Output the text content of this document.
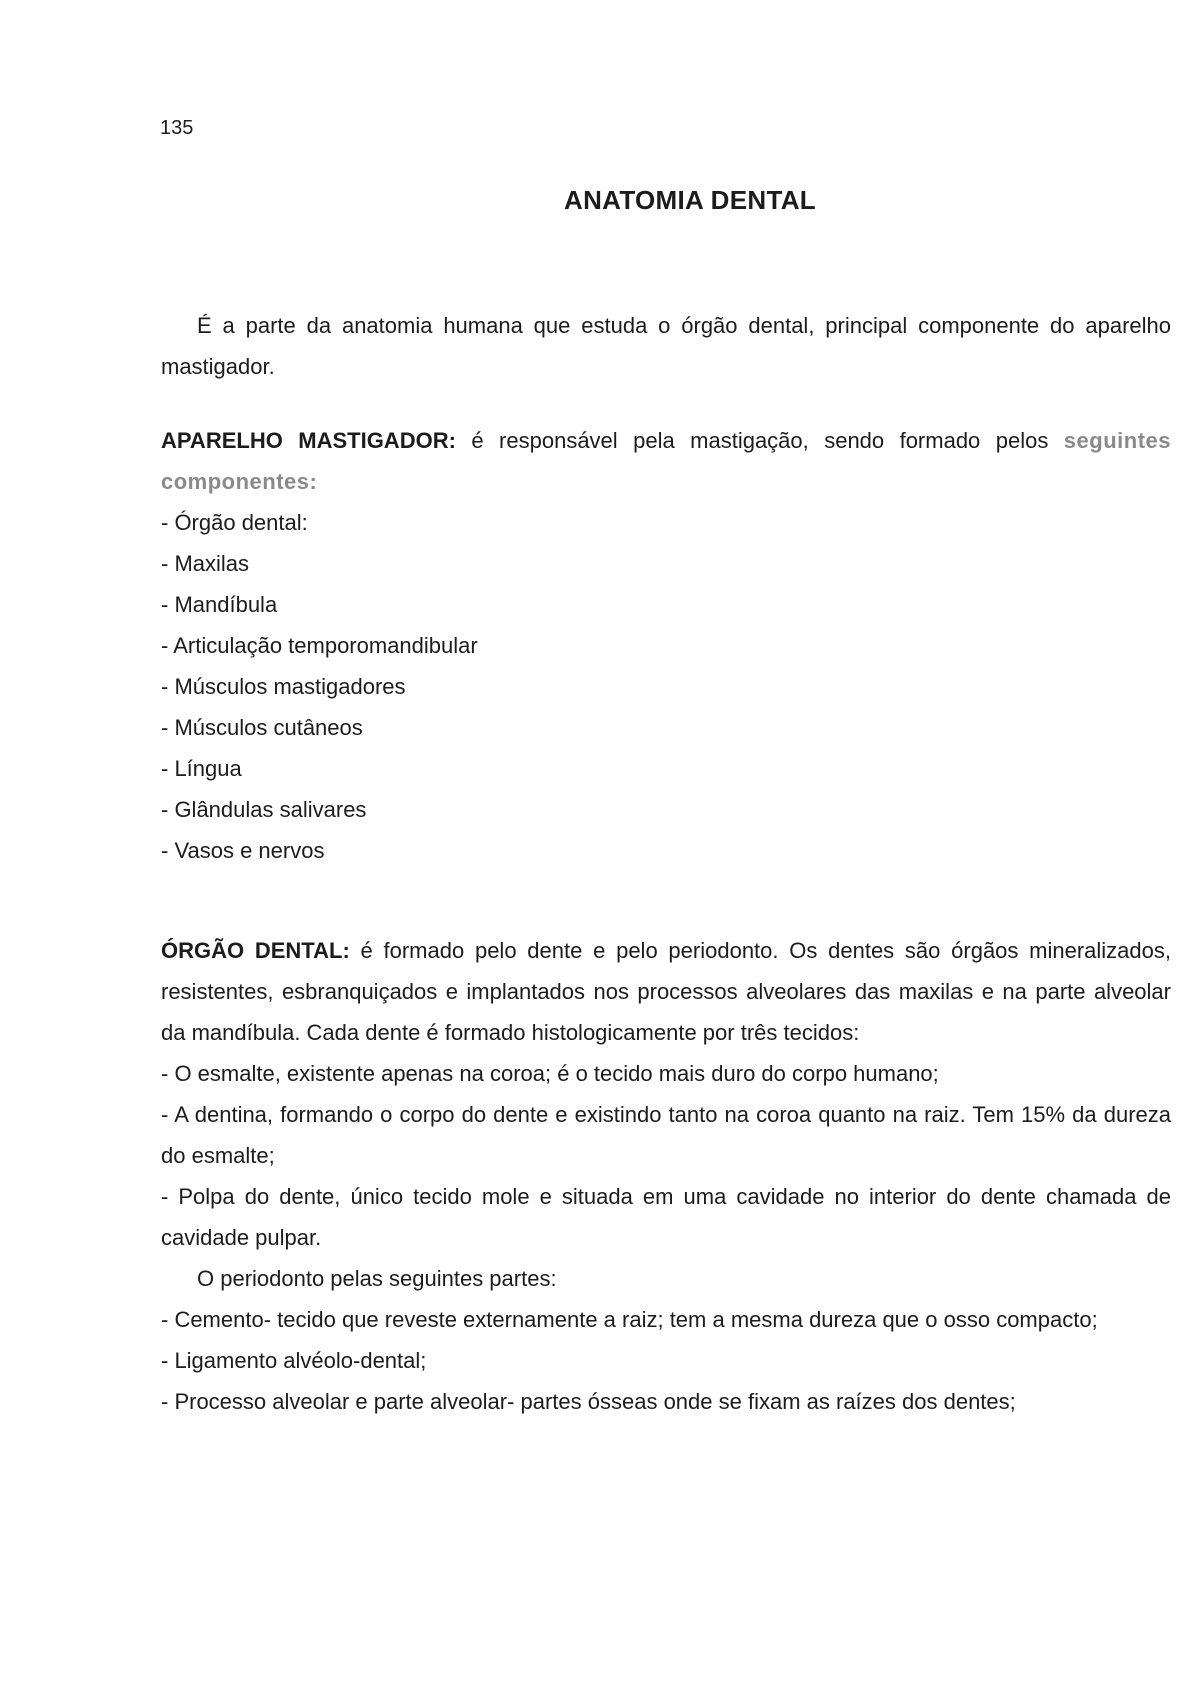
135
ANATOMIA DENTAL
É a parte da anatomia humana que estuda o órgão dental, principal componente do aparelho mastigador.
APARELHO MASTIGADOR: é responsável pela mastigação, sendo formado pelos seguintes componentes:
- Órgão dental:
- Maxilas
- Mandíbula
- Articulação temporomandibular
- Músculos mastigadores
- Músculos cutâneos
- Língua
- Glândulas salivares
- Vasos e nervos
ÓRGÃO DENTAL: é formado pelo dente e pelo periodonto. Os dentes são órgãos mineralizados, resistentes, esbranquiçados e implantados nos processos alveolares das maxilas e na parte alveolar da mandíbula. Cada dente é formado histologicamente por três tecidos:
- O esmalte, existente apenas na coroa; é o tecido mais duro do corpo humano;
- A dentina, formando o corpo do dente e existindo tanto na coroa quanto na raiz. Tem 15% da dureza do esmalte;
- Polpa do dente, único tecido mole e situada em uma cavidade no interior do dente chamada de cavidade pulpar.
O periodonto pelas seguintes partes:
- Cemento- tecido que reveste externamente a raiz; tem a mesma dureza que o osso compacto;
- Ligamento alvéolo-dental;
- Processo alveolar e parte alveolar- partes ósseas onde se fixam as raízes dos dentes;
